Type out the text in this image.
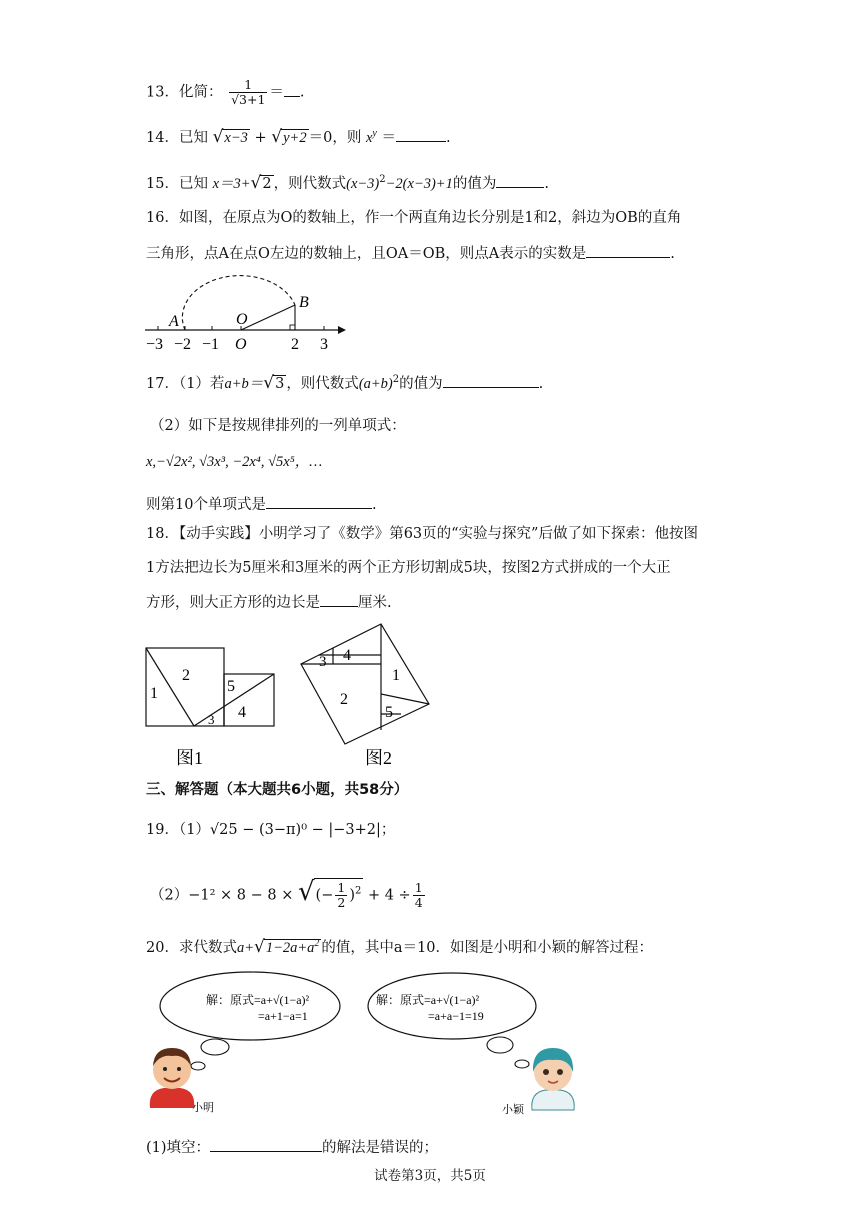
13．化简： $\frac{1}{√3+1}$ ＝ .
14．已知 √x−3 + √y+2 ＝0，则 $x^y$ ＝	.
15．已知 x＝3+√2 ，则代数式$(x-3)^2-2(x-3)+1$的值为	.
16．如图，在原点为O的数轴上，作一个两直角边长分别是1和2，斜边为OB的直角
三角形，点A在点O左边的数轴上，且OA＝OB，则点A表示的实数是	.
A	O
B
−3 −2 −1 O	2 3
17．（1）若a+b＝√3 ，则代数式$(a+b)^2$的值为	.
（2）如下是按规律排列的一列单项式：
x,−√2x², √3x³, −2x⁴, √5x⁵，…
则第10个单项式是	.
18．【动手实践】小明学习了《数学》第63页的“实验与探究”后做了如下探索：他按图
1方法把边长为5厘米和3厘米的两个正方形切割成5块，按图2方式拼成的一个大正
方形，则大正方形的边长是	厘米.
1
2
3 4
5
图1
3 4
2
1
5
图2
三、解答题（本大题共6小题，共58分）
19．（1）√25 − (3−π)⁰ − |−3+2|；
（2）−1² × 8 − 8 × √(− $\frac{1}{2} )^2 + 4 \div \frac{1}{4}$
20．求代数式$a+√1-2a+a^2$ 的值，其中a＝10．如图是小明和小颖的解答过程：
解：原式=a+√(1−a)²
=a+1−a=1
解：原式=a+√(1−a)²
=a+a−1=19
小明	小颖
(1)填空：	的解法是错误的；
试卷第3页，共5页
